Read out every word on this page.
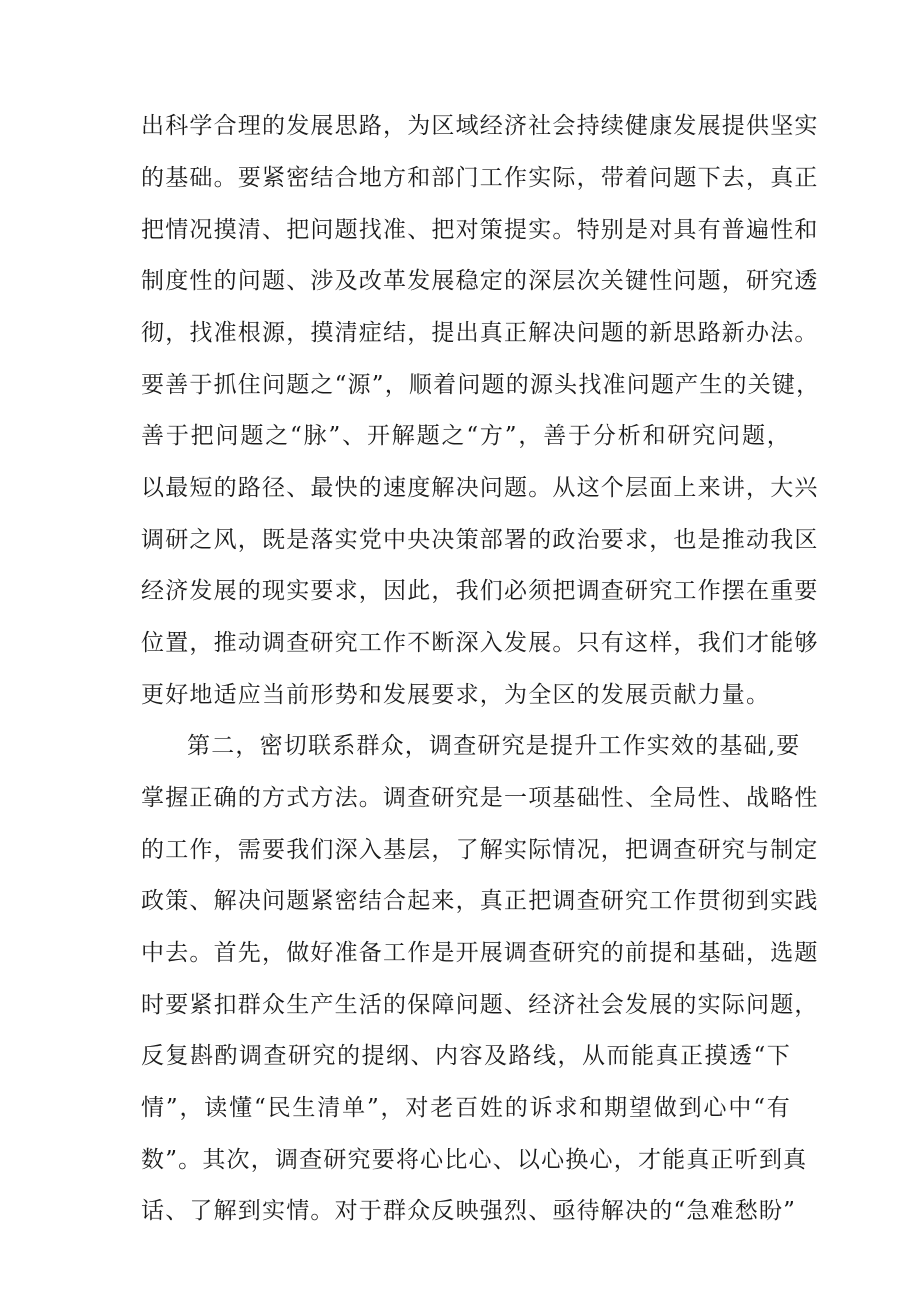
出科学合理的发展思路，为区域经济社会持续健康发展提供坚实
的基础。要紧密结合地方和部门工作实际，带着问题下去，真正
把情况摸清、把问题找准、把对策提实。特别是对具有普遍性和
制度性的问题、涉及改革发展稳定的深层次关键性问题，研究透
彻，找准根源，摸清症结，提出真正解决问题的新思路新办法。
要善于抓住问题之“源”，顺着问题的源头找准问题产生的关键，
善于把问题之“脉”、开解题之“方”，善于分析和研究问题，
以最短的路径、最快的速度解决问题。从这个层面上来讲，大兴
调研之风，既是落实党中央决策部署的政治要求，也是推动我区
经济发展的现实要求，因此，我们必须把调查研究工作摆在重要
位置，推动调查研究工作不断深入发展。只有这样，我们才能够
更好地适应当前形势和发展要求，为全区的发展贡献力量。
第二，密切联系群众，调查研究是提升工作实效的基础,要
掌握正确的方式方法。调查研究是一项基础性、全局性、战略性
的工作，需要我们深入基层，了解实际情况，把调查研究与制定
政策、解决问题紧密结合起来，真正把调查研究工作贯彻到实践
中去。首先，做好准备工作是开展调查研究的前提和基础，选题
时要紧扣群众生产生活的保障问题、经济社会发展的实际问题，
反复斟酌调查研究的提纲、内容及路线，从而能真正摸透“下
情”，读懂“民生清单”，对老百姓的诉求和期望做到心中“有
数”。其次，调查研究要将心比心、以心换心，才能真正听到真
话、了解到实情。对于群众反映强烈、亟待解决的“急难愁盼”
